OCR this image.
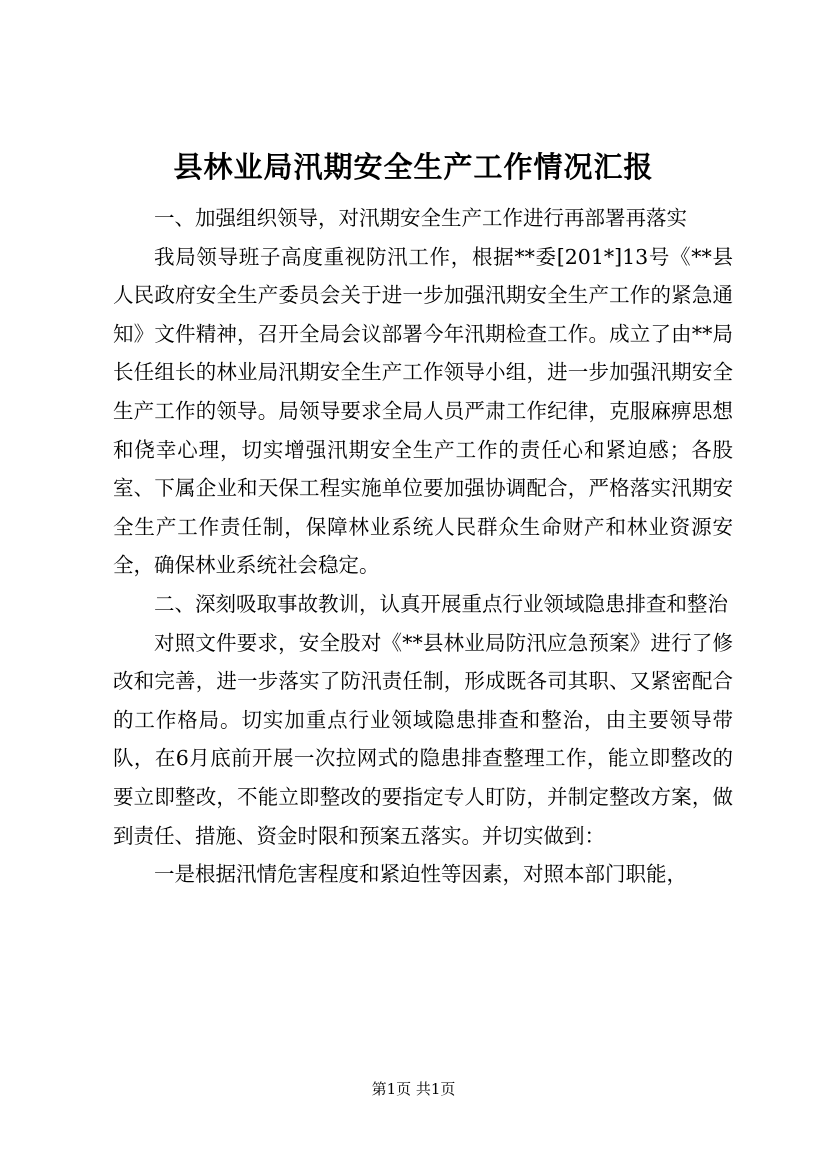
县林业局汛期安全生产工作情况汇报

一、加强组织领导，对汛期安全生产工作进行再部署再落实

我局领导班子高度重视防汛工作，根据**委[201*]13号《**县人民政府安全生产委员会关于进一步加强汛期安全生产工作的紧急通知》文件精神，召开全局会议部署今年汛期检查工作。成立了由**局长任组长的林业局汛期安全生产工作领导小组，进一步加强汛期安全生产工作的领导。局领导要求全局人员严肃工作纪律，克服麻痹思想和侥幸心理，切实增强汛期安全生产工作的责任心和紧迫感；各股室、下属企业和天保工程实施单位要加强协调配合，严格落实汛期安全生产工作责任制，保障林业系统人民群众生命财产和林业资源安全，确保林业系统社会稳定。

二、深刻吸取事故教训，认真开展重点行业领域隐患排查和整治

对照文件要求，安全股对《**县林业局防汛应急预案》进行了修改和完善，进一步落实了防汛责任制，形成既各司其职、又紧密配合的工作格局。切实加重点行业领域隐患排查和整治，由主要领导带队，在6月底前开展一次拉网式的隐患排查整理工作，能立即整改的要立即整改，不能立即整改的要指定专人盯防，并制定整改方案，做到责任、措施、资金时限和预案五落实。并切实做到：

一是根据汛情危害程度和紧迫性等因素，对照本部门职能，

第1页 共1页
